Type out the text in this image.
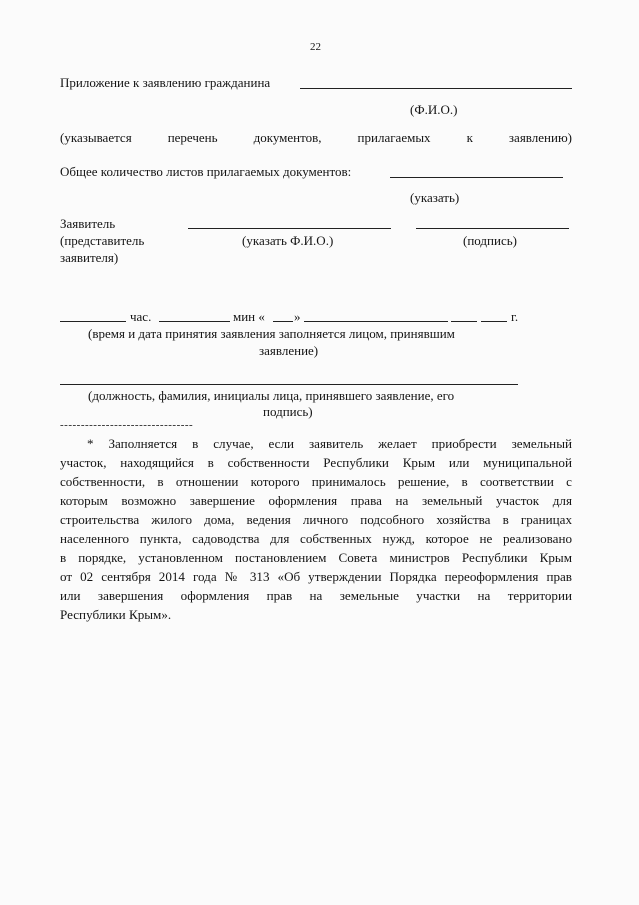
22
Приложение к заявлению гражданина
(Ф.И.О.)
(указывается	перечень	документов,	прилагаемых	к	заявлению)
Общее количество листов прилагаемых документов:
(указать)
Заявитель
(представитель
заявителя)
(указать Ф.И.О.)	(подпись)
час.	мин « »	г.
(время и дата принятия заявления заполняется лицом, принявшим
заявление)
(должность, фамилия, инициалы лица, принявшего заявление, его
подпись)
--------------------------------
* Заполняется в случае, если заявитель желает приобрести земельный
участок, находящийся в собственности Республики Крым или муниципальной
собственности, в отношении которого принималось решение, в соответствии с
которым возможно завершение оформления права на земельный участок для
строительства жилого дома, ведения личного подсобного хозяйства в границах
населенного пункта, садоводства для собственных нужд, которое не реализовано
в порядке, установленном постановлением Совета министров Республики Крым
от 02 сентября 2014 года № 313 «Об утверждении Порядка переоформления прав
или завершения оформления прав на земельные участки на территории
Республики Крым».
